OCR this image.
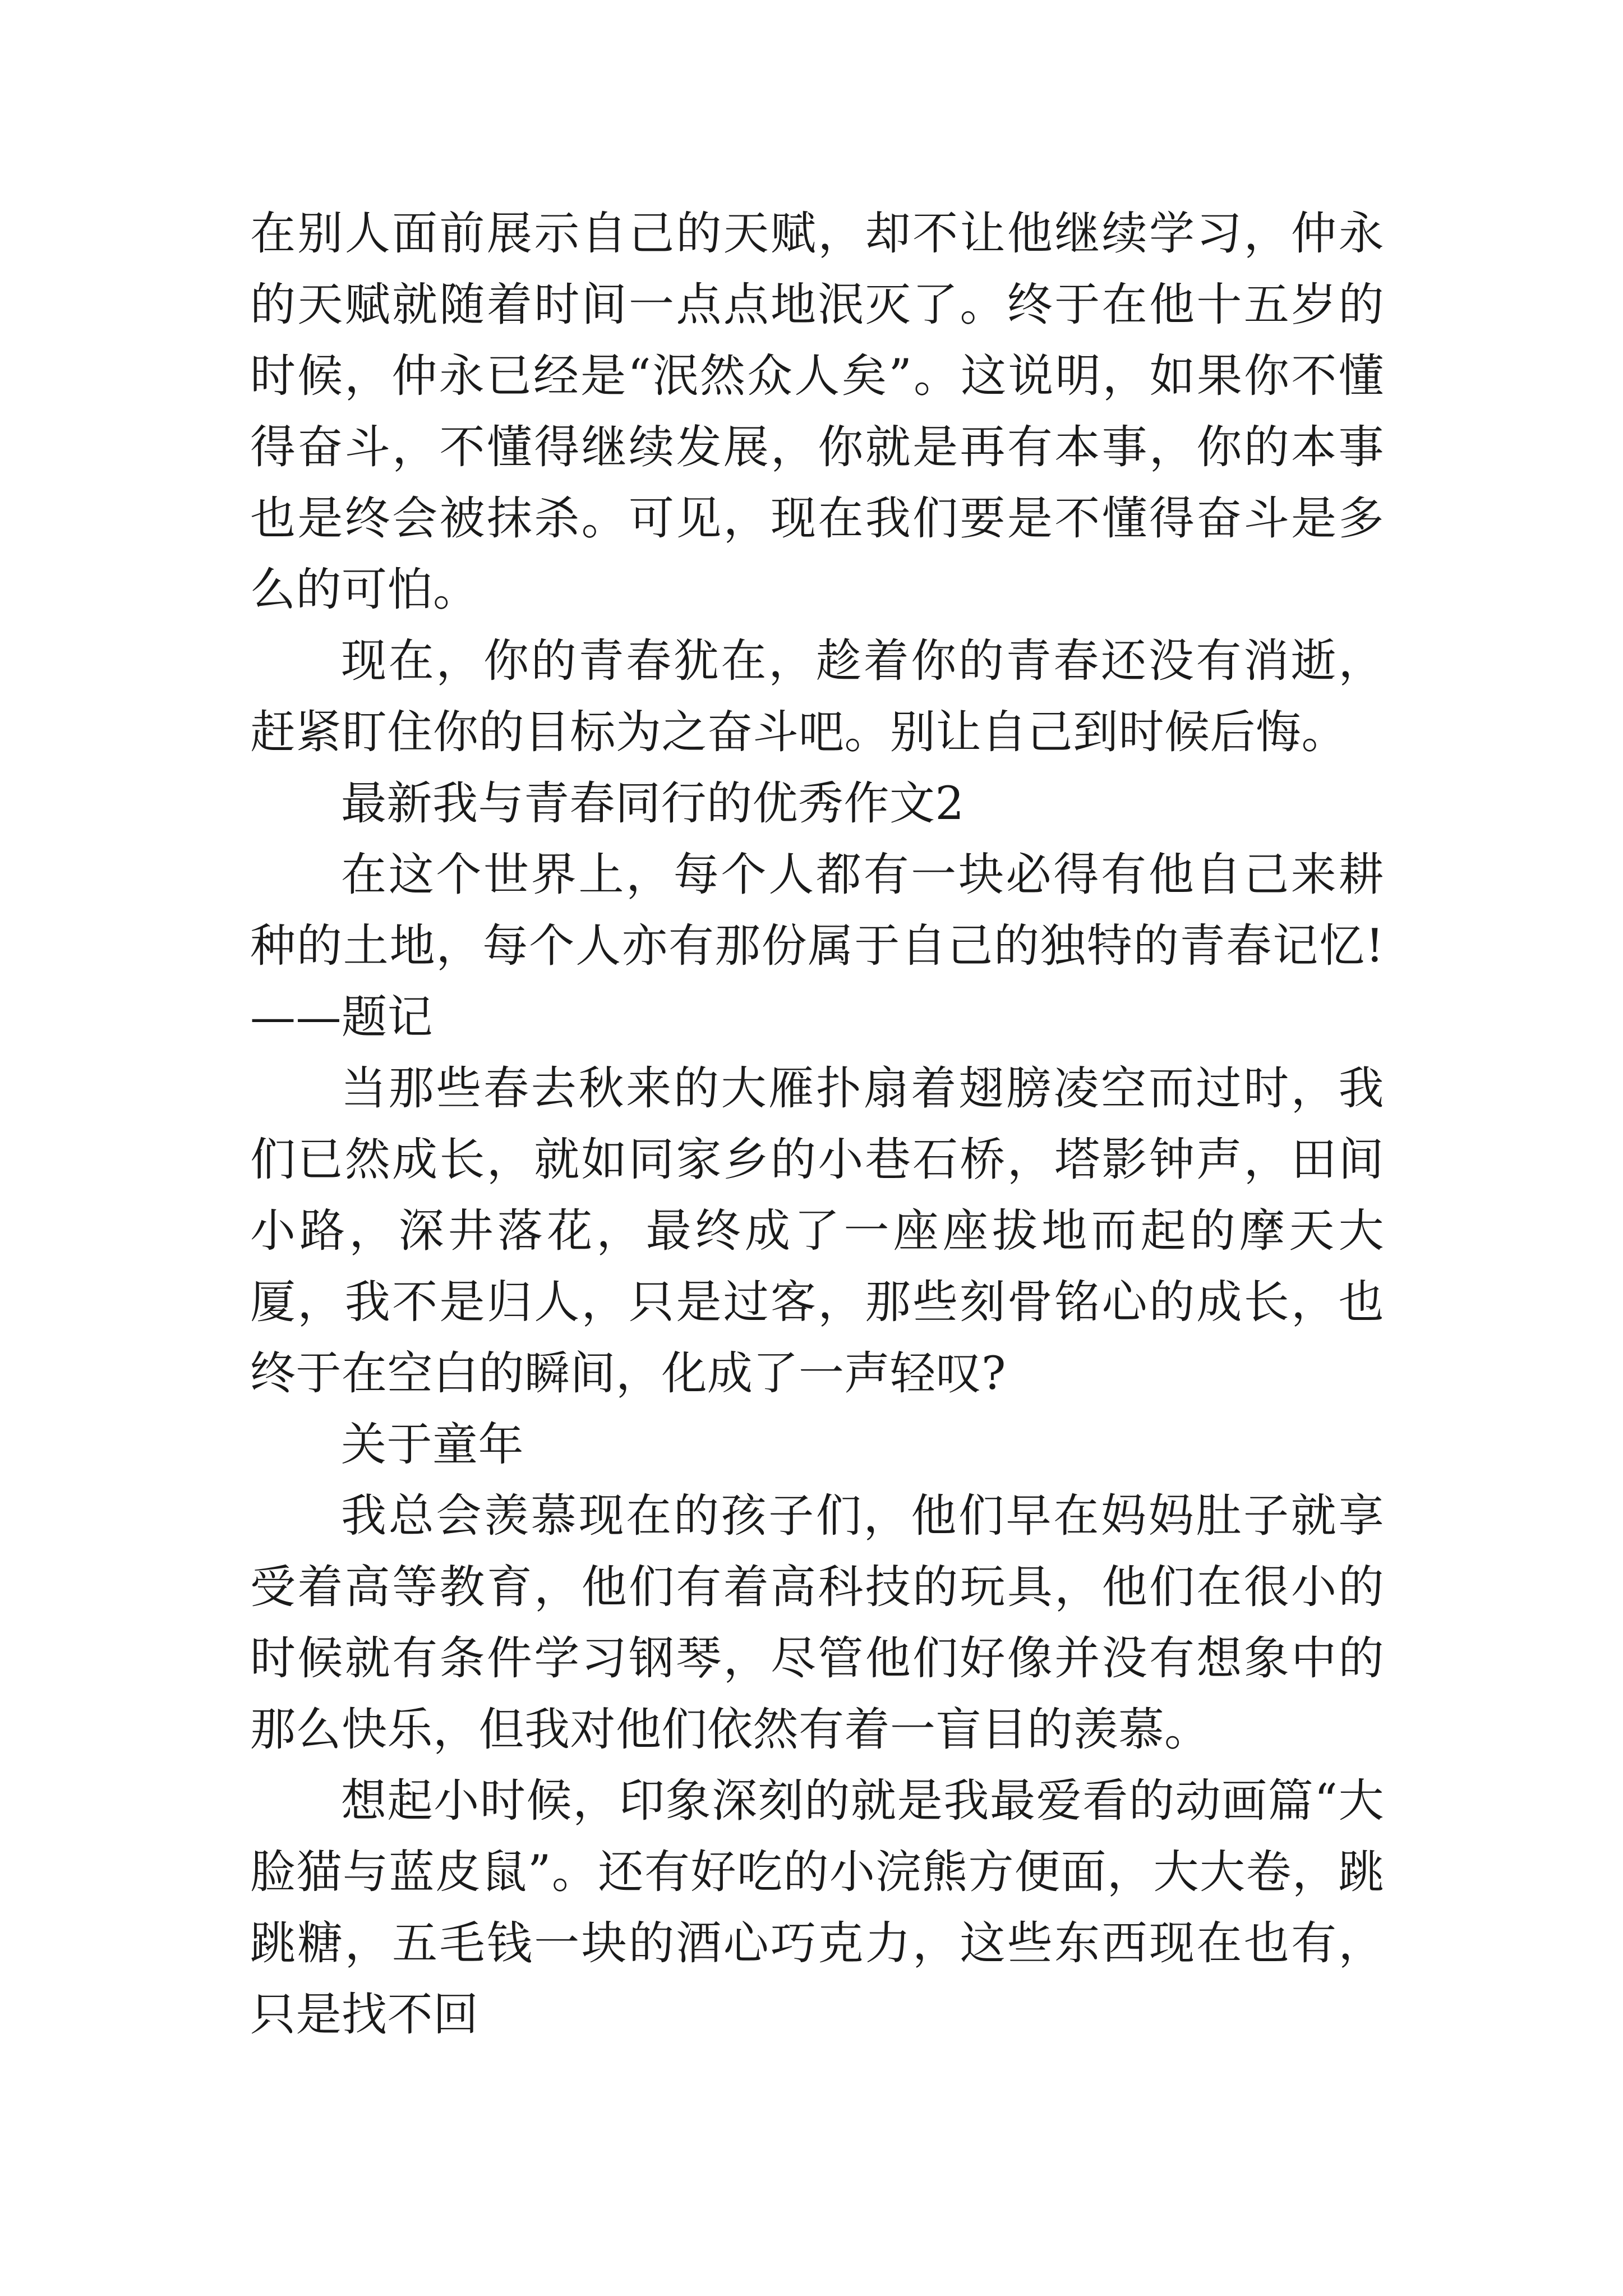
在别人面前展示自己的天赋，却不让他继续学习，仲永的天赋就随着时间一点点地泯灭了。终于在他十五岁的时候，仲永已经是“泯然众人矣”。这说明，如果你不懂得奋斗，不懂得继续发展，你就是再有本事，你的本事也是终会被抹杀。可见，现在我们要是不懂得奋斗是多么的可怕。

现在，你的青春犹在，趁着你的青春还没有消逝，赶紧盯住你的目标为之奋斗吧。别让自己到时候后悔。

最新我与青春同行的优秀作文2

在这个世界上，每个人都有一块必得有他自己来耕种的土地，每个人亦有那份属于自己的独特的青春记忆!——题记

当那些春去秋来的大雁扑扇着翅膀凌空而过时，我们已然成长，就如同家乡的小巷石桥，塔影钟声，田间小路，深井落花，最终成了一座座拔地而起的摩天大厦，我不是归人，只是过客，那些刻骨铭心的成长，也终于在空白的瞬间，化成了一声轻叹?

关于童年

我总会羡慕现在的孩子们，他们早在妈妈肚子就享受着高等教育，他们有着高科技的玩具，他们在很小的时候就有条件学习钢琴，尽管他们好像并没有想象中的那么快乐，但我对他们依然有着一盲目的羡慕。

想起小时候，印象深刻的就是我最爱看的动画篇“大脸猫与蓝皮鼠”。还有好吃的小浣熊方便面，大大卷，跳跳糖，五毛钱一块的酒心巧克力，这些东西现在也有，只是找不回
